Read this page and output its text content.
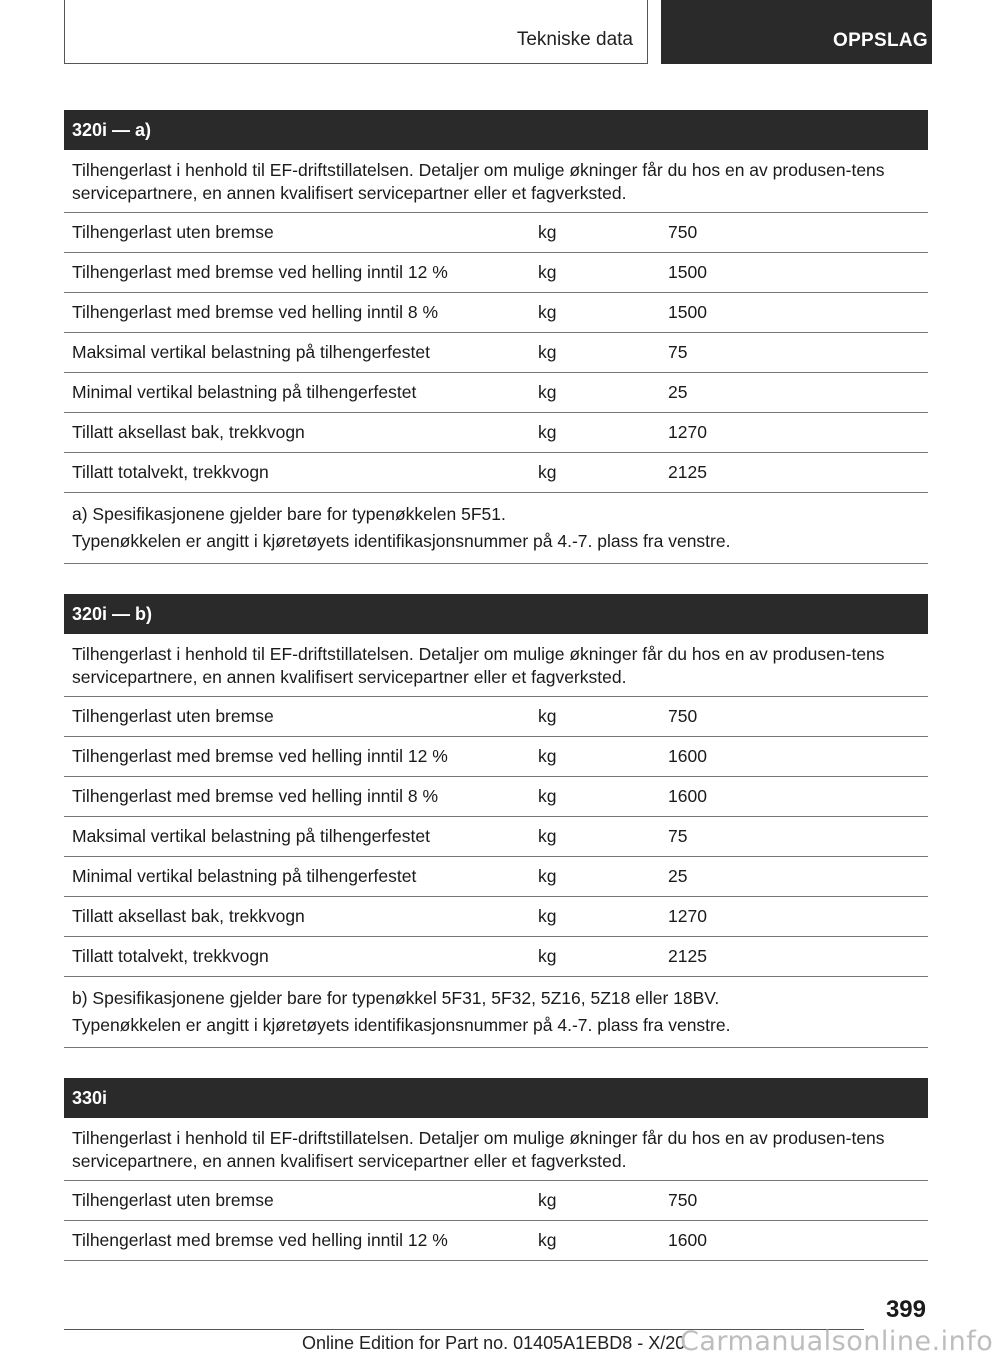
Tekniske data	OPPSLAG
320i — a)
Tilhengerlast i henhold til EF-driftstillatelsen. Detaljer om mulige økninger får du hos en av produsen-tens servicepartnere, en annen kvalifisert servicepartner eller et fagverksted.
Tilhengerlast uten bremse	kg	750
Tilhengerlast med bremse ved helling inntil 12 %	kg	1500
Tilhengerlast med bremse ved helling inntil 8 %	kg	1500
Maksimal vertikal belastning på tilhengerfestet	kg	75
Minimal vertikal belastning på tilhengerfestet	kg	25
Tillatt aksellast bak, trekkvogn	kg	1270
Tillatt totalvekt, trekkvogn	kg	2125
a) Spesifikasjonene gjelder bare for typenøkkelen 5F51.
Typenøkkelen er angitt i kjøretøyets identifikasjonsnummer på 4.-7. plass fra venstre.
320i — b)
Tilhengerlast i henhold til EF-driftstillatelsen. Detaljer om mulige økninger får du hos en av produsen-tens servicepartnere, en annen kvalifisert servicepartner eller et fagverksted.
Tilhengerlast uten bremse	kg	750
Tilhengerlast med bremse ved helling inntil 12 %	kg	1600
Tilhengerlast med bremse ved helling inntil 8 %	kg	1600
Maksimal vertikal belastning på tilhengerfestet	kg	75
Minimal vertikal belastning på tilhengerfestet	kg	25
Tillatt aksellast bak, trekkvogn	kg	1270
Tillatt totalvekt, trekkvogn	kg	2125
b) Spesifikasjonene gjelder bare for typenøkkel 5F31, 5F32, 5Z16, 5Z18 eller 18BV.
Typenøkkelen er angitt i kjøretøyets identifikasjonsnummer på 4.-7. plass fra venstre.
330i
Tilhengerlast i henhold til EF-driftstillatelsen. Detaljer om mulige økninger får du hos en av produsen-tens servicepartnere, en annen kvalifisert servicepartner eller et fagverksted.
Tilhengerlast uten bremse	kg	750
Tilhengerlast med bremse ved helling inntil 12 %	kg	1600
399
Online Edition for Part no. 01405A1EBD8 - X/20
Carmanualsonline.info
